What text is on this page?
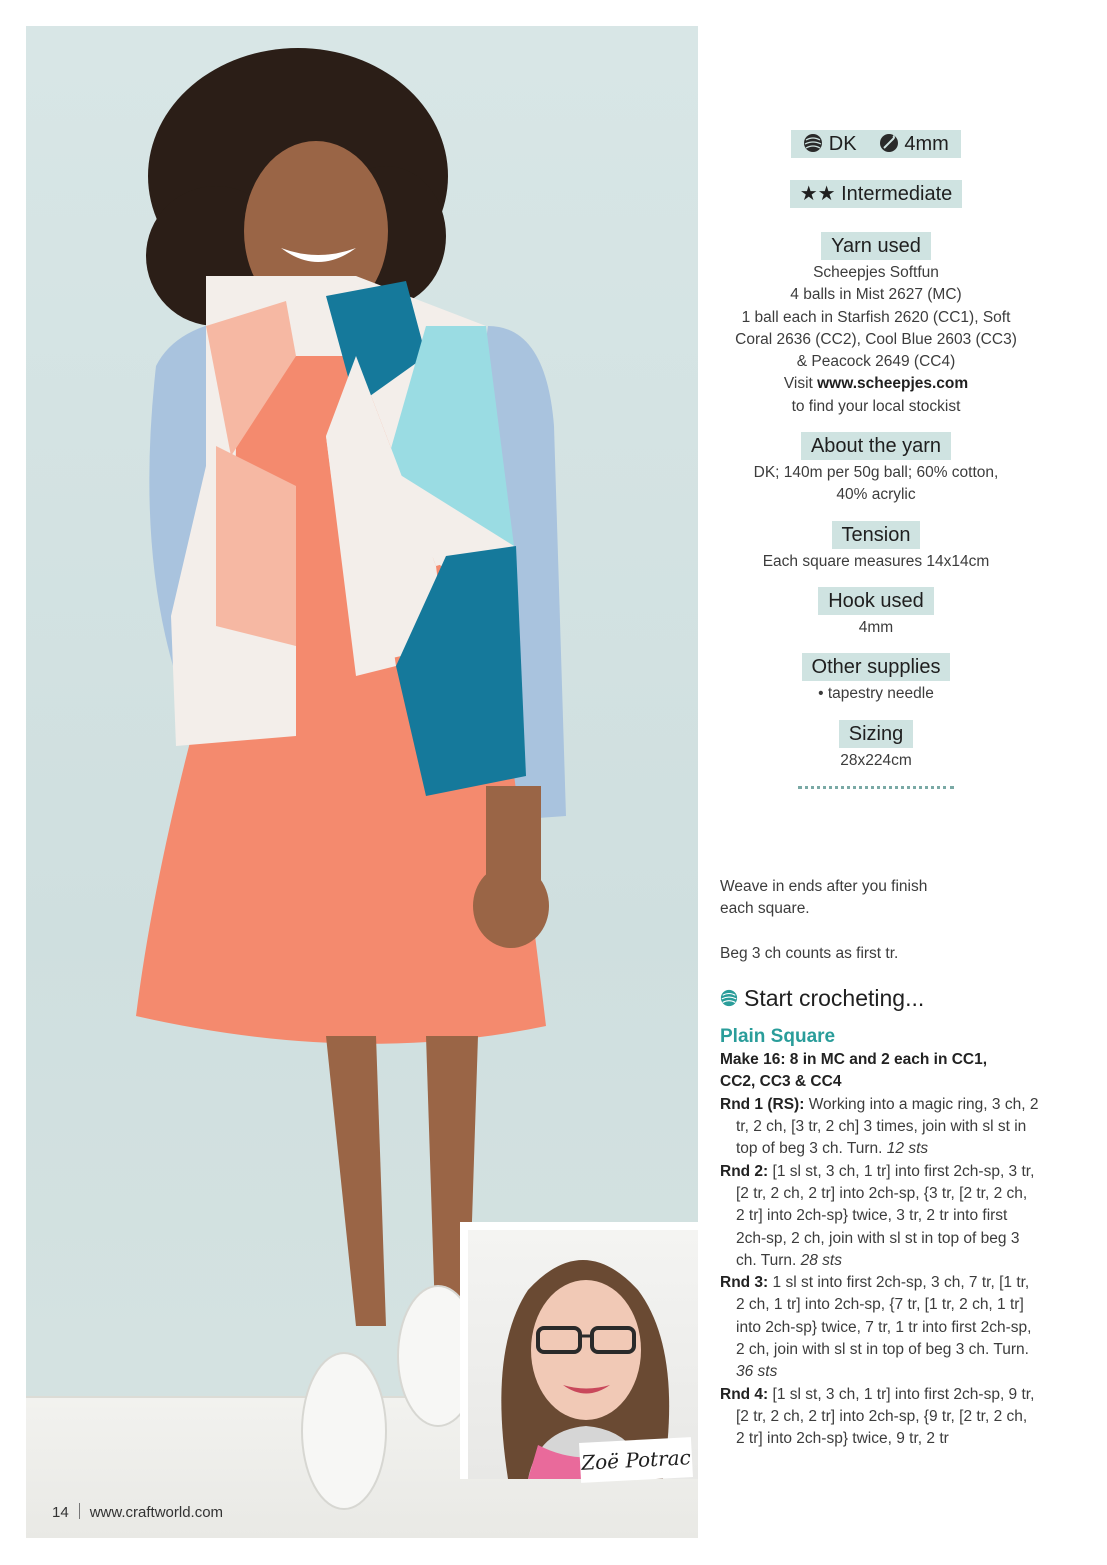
Zoë Potrac
14 www.craftworld.com
DK 4mm
★★ Intermediate
Yarn used
Scheepjes Softfun
4 balls in Mist 2627 (MC)
1 ball each in Starfish 2620 (CC1), Soft
Coral 2636 (CC2), Cool Blue 2603 (CC3)
& Peacock 2649 (CC4)
Visit www.scheepjes.com
to find your local stockist
About the yarn
DK; 140m per 50g ball; 60% cotton,
40% acrylic
Tension
Each square measures 14x14cm
Hook used
4mm
Other supplies
• tapestry needle
Sizing
28x224cm

Weave in ends after you finish each square.

Beg 3 ch counts as first tr.

Start crocheting...
Plain Square
Make 16: 8 in MC and 2 each in CC1, CC2, CC3 & CC4
Rnd 1 (RS): Working into a magic ring, 3 ch, 2 tr, 2 ch, [3 tr, 2 ch] 3 times, join with sl st in top of beg 3 ch. Turn. 12 sts
Rnd 2: [1 sl st, 3 ch, 1 tr] into first 2ch-sp, 3 tr, [2 tr, 2 ch, 2 tr] into 2ch-sp, {3 tr, [2 tr, 2 ch, 2 tr] into 2ch-sp} twice, 3 tr, 2 tr into first 2ch-sp, 2 ch, join with sl st in top of beg 3 ch. Turn. 28 sts
Rnd 3: 1 sl st into first 2ch-sp, 3 ch, 7 tr, [1 tr, 2 ch, 1 tr] into 2ch-sp, {7 tr, [1 tr, 2 ch, 1 tr] into 2ch-sp} twice, 7 tr, 1 tr into first 2ch-sp, 2 ch, join with sl st in top of beg 3 ch. Turn. 36 sts
Rnd 4: [1 sl st, 3 ch, 1 tr] into first 2ch-sp, 9 tr, [2 tr, 2 ch, 2 tr] into 2ch-sp, {9 tr, [2 tr, 2 ch, 2 tr] into 2ch-sp} twice, 9 tr, 2 tr
